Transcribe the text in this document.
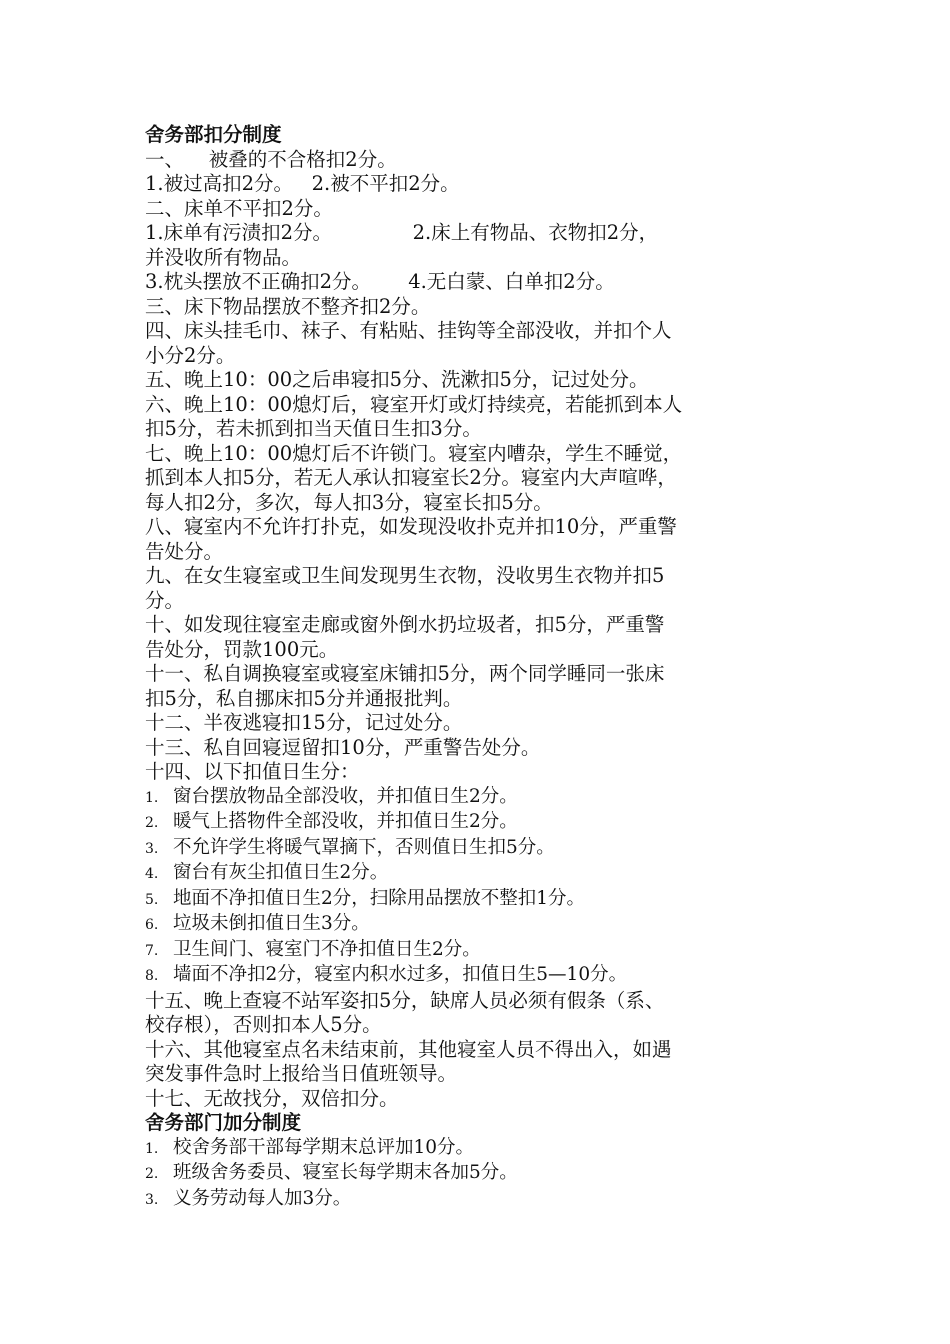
舍务部扣分制度

一、    被叠的不合格扣2分。

1.被过高扣2分。   2.被不平扣2分。

二、床单不平扣2分。

1.床单有污渍扣2分。             2.床上有物品、衣物扣2分，

并没收所有物品。

3.枕头摆放不正确扣2分。      4.无白蒙、白单扣2分。

三、床下物品摆放不整齐扣2分。

四、床头挂毛巾、袜子、有粘贴、挂钩等全部没收，并扣个人

小分2分。

五、晚上10：00之后串寝扣5分、洗漱扣5分，记过处分。

六、晚上10：00熄灯后，寝室开灯或灯持续亮，若能抓到本人

扣5分，若未抓到扣当天值日生扣3分。

七、晚上10：00熄灯后不许锁门。寝室内嘈杂，学生不睡觉，

抓到本人扣5分，若无人承认扣寝室长2分。寝室内大声喧哗，

每人扣2分，多次，每人扣3分，寝室长扣5分。

八、寝室内不允许打扑克，如发现没收扑克并扣10分，严重警

告处分。

九、在女生寝室或卫生间发现男生衣物，没收男生衣物并扣5

分。

十、如发现往寝室走廊或窗外倒水扔垃圾者，扣5分，严重警

告处分，罚款100元。

十一、私自调换寝室或寝室床铺扣5分，两个同学睡同一张床

扣5分，私自挪床扣5分并通报批判。

十二、半夜逃寝扣15分，记过处分。

十三、私自回寝逗留扣10分，严重警告处分。

十四、以下扣值日生分：

1. 窗台摆放物品全部没收，并扣值日生2分。

2. 暖气上搭物件全部没收，并扣值日生2分。

3. 不允许学生将暖气罩摘下，否则值日生扣5分。

4. 窗台有灰尘扣值日生2分。

5. 地面不净扣值日生2分，扫除用品摆放不整扣1分。

6. 垃圾未倒扣值日生3分。

7. 卫生间门、寝室门不净扣值日生2分。

8. 墙面不净扣2分，寝室内积水过多，扣值日生5—10分。

十五、晚上查寝不站军姿扣5分，缺席人员必须有假条（系、

校存根），否则扣本人5分。

十六、其他寝室点名未结束前，其他寝室人员不得出入，如遇

突发事件急时上报给当日值班领导。

十七、无故找分，双倍扣分。

舍务部门加分制度

1. 校舍务部干部每学期末总评加10分。

2. 班级舍务委员、寝室长每学期末各加5分。

3. 义务劳动每人加3分。
